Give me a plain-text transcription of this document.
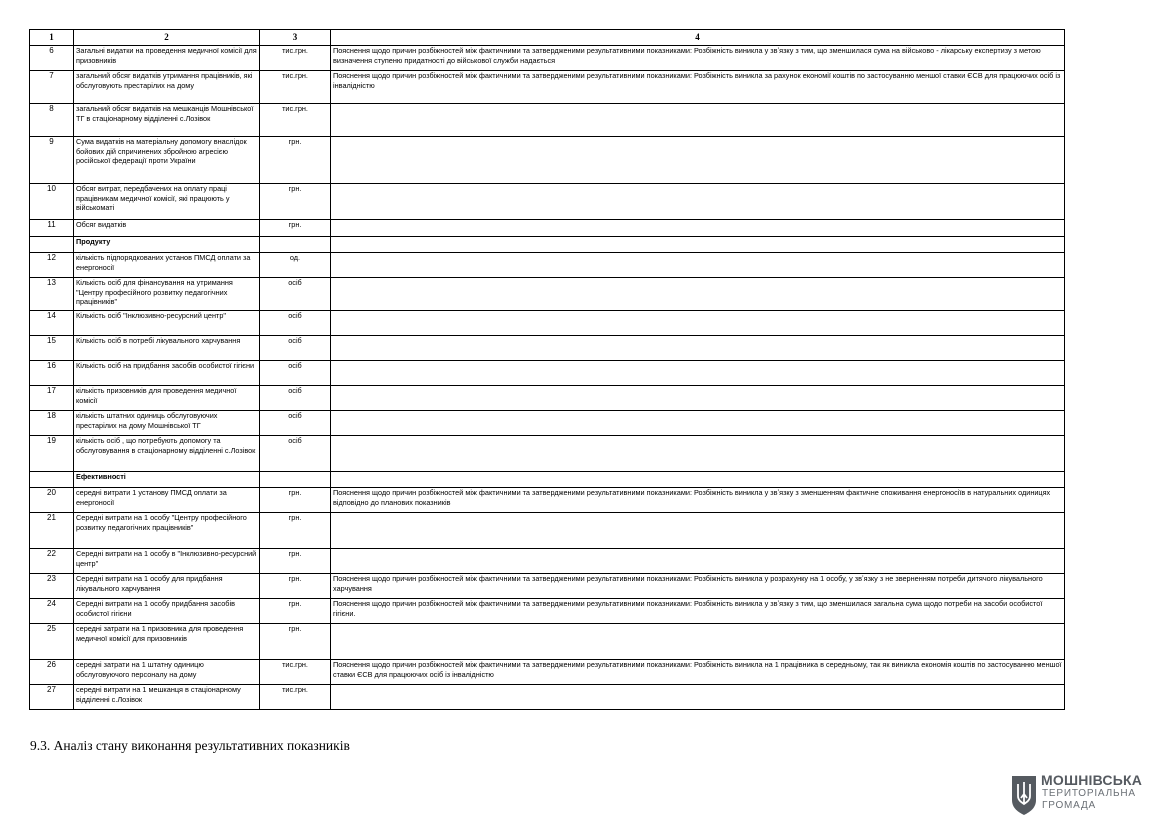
1	2	3	4
6	Загальні видатки на проведення медичної комісії для призовників	тис.грн.	Пояснення щодо причин розбіжностей між фактичними та затвердженими результативними показниками: Розбіжність виникла у звʼязку з тим, що зменшилася сума на військово - лікарську експертизу з метою визначення ступеню придатності до військової служби надається
7	загальний обсяг видатків утримання працівників, які обслуговують престарілих на дому	тис.грн.	Пояснення щодо причин розбіжностей між фактичними та затвердженими результативними показниками: Розбіжність виникла за рахунок економії коштів по застосуванню меншої ставки ЄСВ для працюючих осіб із інвалідністю
8	загальний обсяг видатків на мешканців Мошнівської ТГ в стаціонарному відділенні с.Лозівок	тис.грн.	
9	Сума видатків на матеріальну допомогу внаслідок бойових дій спричинених збройною агресією російської федерації проти України	грн.	
10	Обсяг витрат, передбачених на оплату праці працівникам медичної комісії, які працюють у військоматі	грн.	
11	Обсяг видатків	грн.	
	Продукту		
12	кількість підпорядкованих установ ПМСД оплати за енергоносії	од.	
13	Кількість осіб для фінансування на утримання "Центру професійного розвитку педагогічних працівників"	осіб	
14	Кількість осіб "Інклюзивно-ресурсний центр"	осіб	
15	Кількість осіб в потребі лікувального харчування	осіб	
16	Кількість осіб на придбання засобів особистої гігієни	осіб	
17	кількість призовників для проведення медичної комісії	осіб	
18	кількість штатних одиниць обслуговуючих престарілих на дому Мошнівської ТГ	осіб	
19	кількість осіб , що потребують допомогу та обслуговування в стаціонарному відділенні с.Лозівок	осіб	
	Ефективності		
20	середні витрати 1 установу ПМСД оплати за енергоносії	грн.	Пояснення щодо причин розбіжностей між фактичними та затвердженими результативними показниками: Розбіжність виникла у звʼязку з зменшенням фактичне споживання енергоносіїв в натуральних одиницях відповідно до планових показників
21	Середні витрати на 1 особу "Центру професійного розвитку педагогічних працівників"	грн.	
22	Середні витрати на 1 особу в "Інклюзивно-ресурсний центр"	грн.	
23	Середні витрати на 1 особу для придбання лікувального харчування	грн.	Пояснення щодо причин розбіжностей між фактичними та затвердженими результативними показниками: Розбіжність виникла у розрахунку на 1 особу, у звʼязку з не зверненням потреби дитячого лікувального харчування
24	Середні витрати на 1 особу придбання засобів особистої гігієни	грн.	Пояснення щодо причин розбіжностей між фактичними та затвердженими результативними показниками: Розбіжність виникла у звʼязку з тим, що зменшилася загальна сума щодо потреби на засоби особистої гігієни.
25	середні затрати на 1 призовника для проведення медичної комісії для призовників	грн.	
26	середні затрати на 1 штатну одиницю обслуговуючого персоналу на дому	тис.грн.	Пояснення щодо причин розбіжностей між фактичними та затвердженими результативними показниками: Розбіжність виникла на 1 працівника в середньому, так як виникла економія коштів по застосуванню меншої ставки ЄСВ для працюючих осіб із інвалідністю
27	середні витрати на 1 мешканця в стаціонарному відділенні с.Лозівок	тис.грн.	

9.3. Аналіз стану виконання результативних показників

МОШНІВСЬКА
ТЕРИТОРІАЛЬНА
ГРОМАДА
